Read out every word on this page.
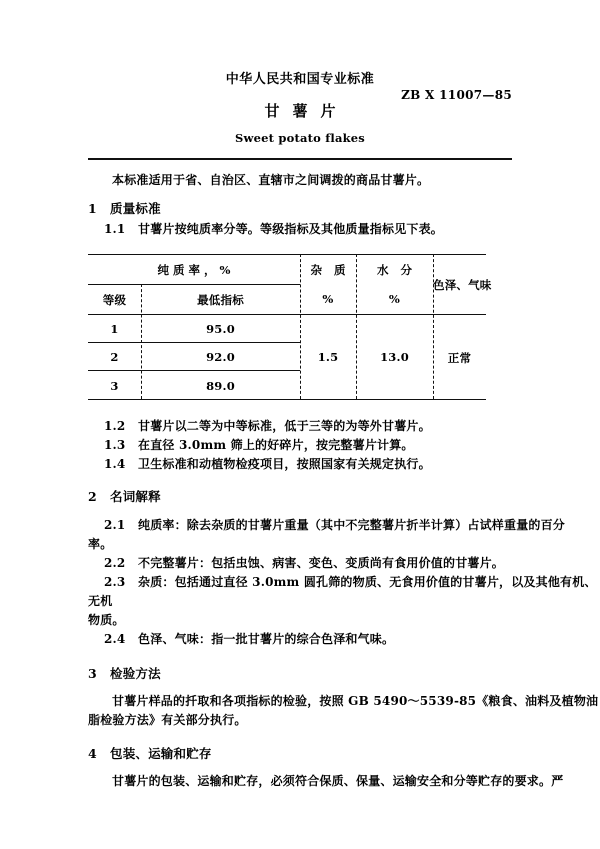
中华人民共和国专业标准
ZB X 11007—85
甘薯片
Sweet potato flakes
本标准适用于省、自治区、直辖市之间调拨的商品甘薯片。
1 质量标准
1.1 甘薯片按纯质率分等。等级指标及其他质量指标见下表。
纯质率，%	杂 质	水 分
色泽、气味
等级	最低指标	%	%
1	95.0
2	92.0
3	89.0
1.5	13.0	正常
1.2 甘薯片以二等为中等标准，低于三等的为等外甘薯片。
1.3 在直径 3.0mm 筛上的好碎片，按完整薯片计算。
1.4 卫生标准和动植物检疫项目，按照国家有关规定执行。
2 名词解释
2.1 纯质率：除去杂质的甘薯片重量（其中不完整薯片折半计算）占试样重量的百分
率。
2.2 不完整薯片：包括虫蚀、病害、变色、变质尚有食用价值的甘薯片。
2.3 杂质：包括通过直径 3.0mm 圆孔筛的物质、无食用价值的甘薯片，以及其他有机、
无机
物质。
2.4 色泽、气味：指一批甘薯片的综合色泽和气味。
3 检验方法
甘薯片样品的扦取和各项指标的检验，按照 GB 5490～5539-85《粮食、油料及植物油
脂检验方法》有关部分执行。
4 包装、运输和贮存
甘薯片的包装、运输和贮存，必须符合保质、保量、运输安全和分等贮存的要求。严
